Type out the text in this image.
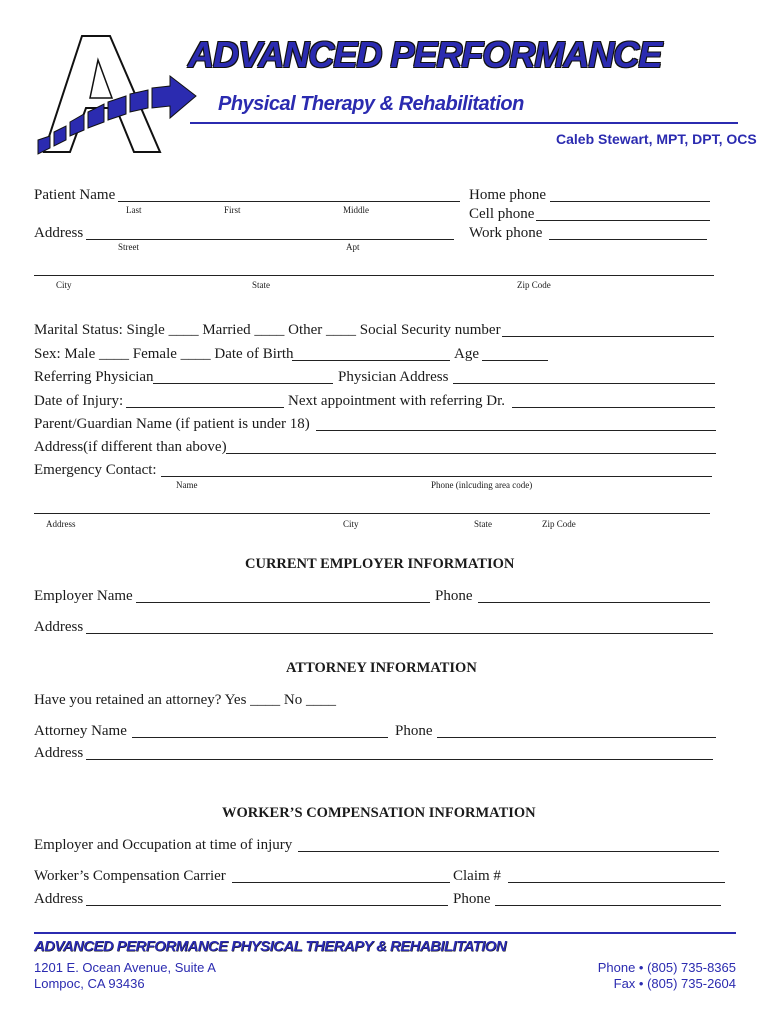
ADVANCED PERFORMANCE
Physical Therapy & Rehabilitation
Caleb Stewart, MPT, DPT, OCS
Patient Name
Last	First	Middle
Home phone
Cell phone
Work phone
Address
Street	Apt
City	State	Zip Code
Marital Status: Single ____ Married ____ Other ____ Social Security number
Sex: Male ____ Female ____ Date of Birth	Age
Referring Physician	Physician Address
Date of Injury:	Next appointment with referring Dr.
Parent/Guardian Name (if patient is under 18)
Address(if different than above)
Emergency Contact:
Name	Phone (inlcuding area code)
Address	City	State	Zip Code
CURRENT EMPLOYER INFORMATION
Employer Name	Phone
Address
ATTORNEY INFORMATION
Have you retained an attorney? Yes ____ No ____
Attorney Name	Phone
Address
WORKER’S COMPENSATION INFORMATION
Employer and Occupation at time of injury
Worker’s Compensation Carrier	Claim #
Address	Phone
ADVANCED PERFORMANCE PHYSICAL THERAPY & REHABILITATION
1201 E. Ocean Avenue, Suite A
Lompoc, CA 93436
Phone • (805) 735-8365
Fax • (805) 735-2604
